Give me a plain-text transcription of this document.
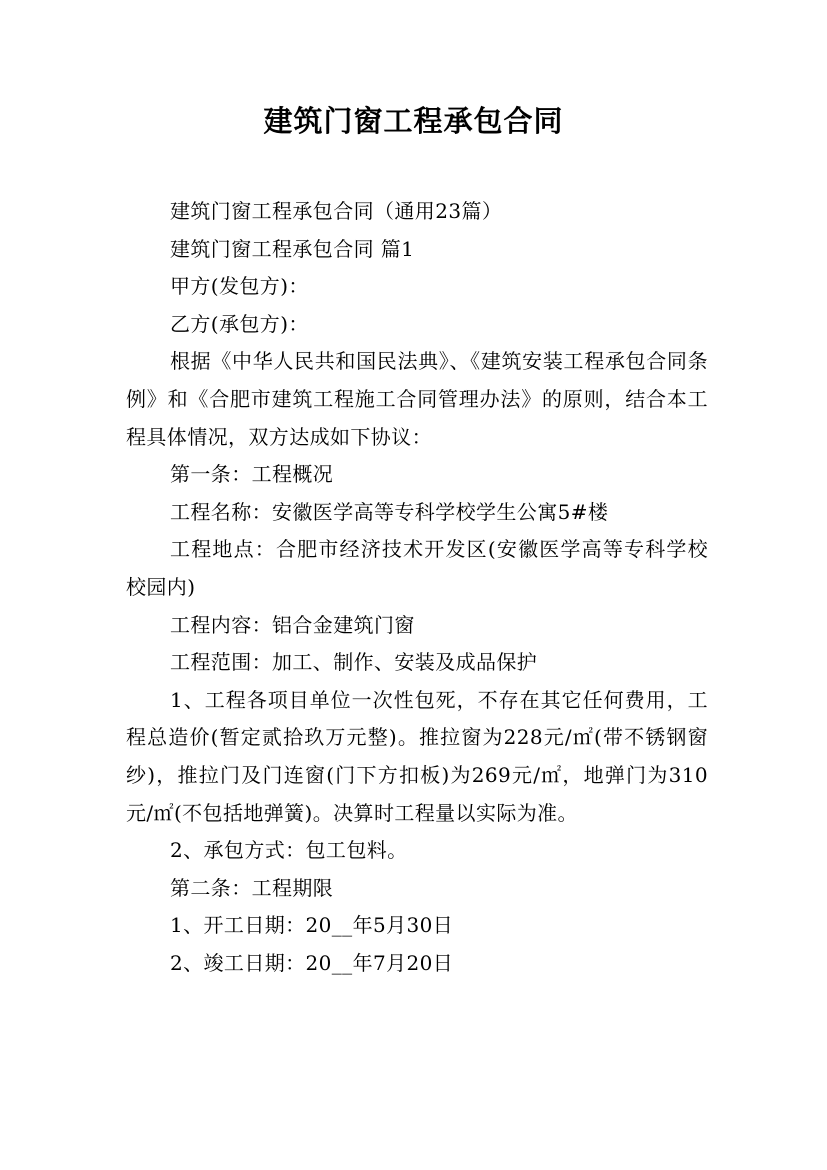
建筑门窗工程承包合同

建筑门窗工程承包合同（通用23篇）

建筑门窗工程承包合同 篇1

甲方(发包方)：

乙方(承包方)：

根据《中华人民共和国民法典》、《建筑安装工程承包合同条例》和《合肥市建筑工程施工合同管理办法》的原则，结合本工程具体情况，双方达成如下协议：

第一条：工程概况

工程名称：安徽医学高等专科学校学生公寓5#楼

工程地点：合肥市经济技术开发区(安徽医学高等专科学校校园内)

工程内容：铝合金建筑门窗

工程范围：加工、制作、安装及成品保护

1、工程各项目单位一次性包死，不存在其它任何费用，工程总造价(暂定贰拾玖万元整)。推拉窗为228元/㎡(带不锈钢窗纱)，推拉门及门连窗(门下方扣板)为269元/㎡，地弹门为310元/㎡(不包括地弹簧)。决算时工程量以实际为准。

2、承包方式：包工包料。

第二条：工程期限

1、开工日期：20__年5月30日

2、竣工日期：20__年7月20日
